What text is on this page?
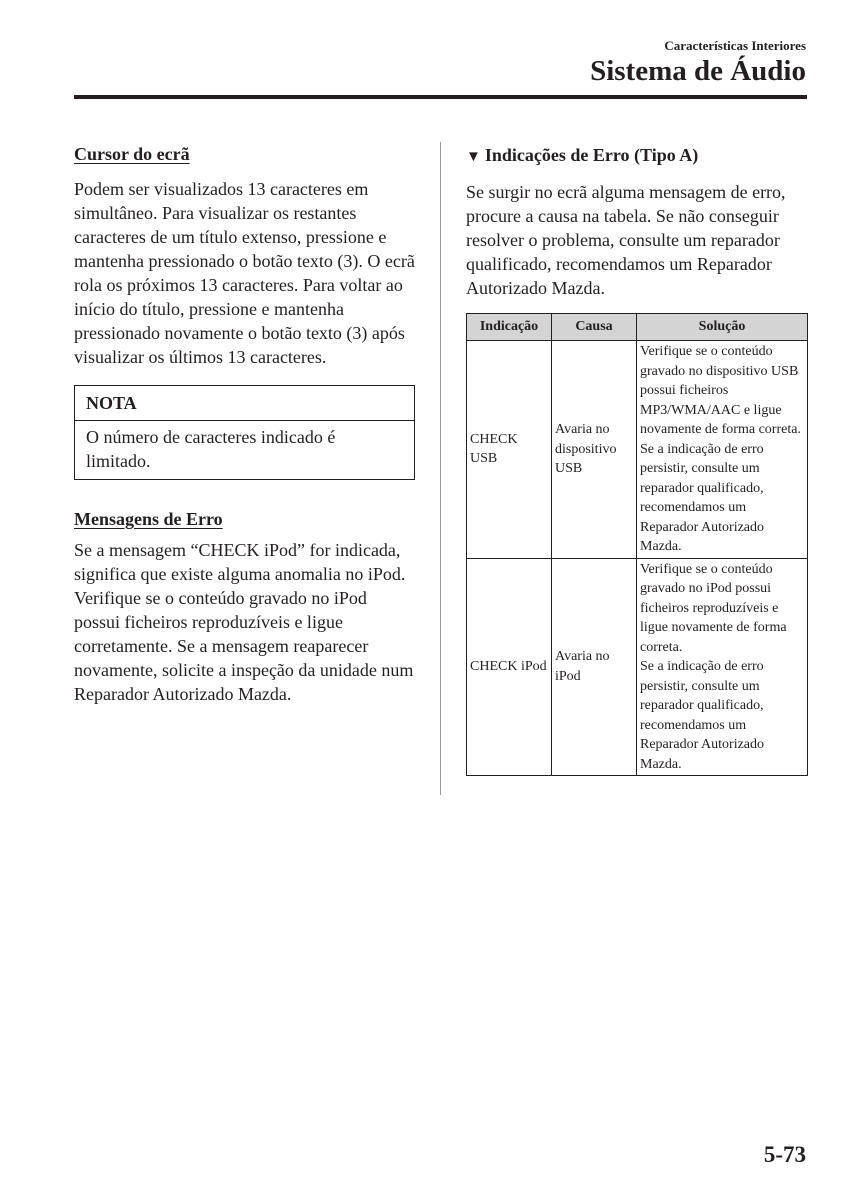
Características Interiores
Sistema de Áudio
Cursor do ecrã

Podem ser visualizados 13 caracteres em simultâneo. Para visualizar os restantes caracteres de um título extenso, pressione e mantenha pressionado o botão texto (3). O ecrã rola os próximos 13 caracteres. Para voltar ao início do título, pressione e mantenha pressionado novamente o botão texto (3) após visualizar os últimos 13 caracteres.

NOTA
O número de caracteres indicado é limitado.
Mensagens de Erro

Se a mensagem “CHECK iPod” for indicada, significa que existe alguma anomalia no iPod. Verifique se o conteúdo gravado no iPod possui ficheiros reproduzíveis e ligue corretamente. Se a mensagem reaparecer novamente, solicite a inspeção da unidade num Reparador Autorizado Mazda.

▼ Indicações de Erro (Tipo A)

Se surgir no ecrã alguma mensagem de erro, procure a causa na tabela. Se não conseguir resolver o problema, consulte um reparador qualificado, recomendamos um Reparador Autorizado Mazda.

Indicação	Causa	Solução
CHECK USB	Avaria no dispositivo USB	Verifique se o conteúdo gravado no dispositivo USB possui ficheiros MP3/WMA/AAC e ligue novamente de forma correta.
Se a indicação de erro persistir, consulte um reparador qualificado, recomendamos um Reparador Autorizado Mazda.

CHECK iPod	Avaria no iPod	Verifique se o conteúdo gravado no iPod possui ficheiros reproduzíveis e ligue novamente de forma correta.
Se a indicação de erro persistir, consulte um reparador qualificado, recomendamos um Reparador Autorizado Mazda.
5-73
